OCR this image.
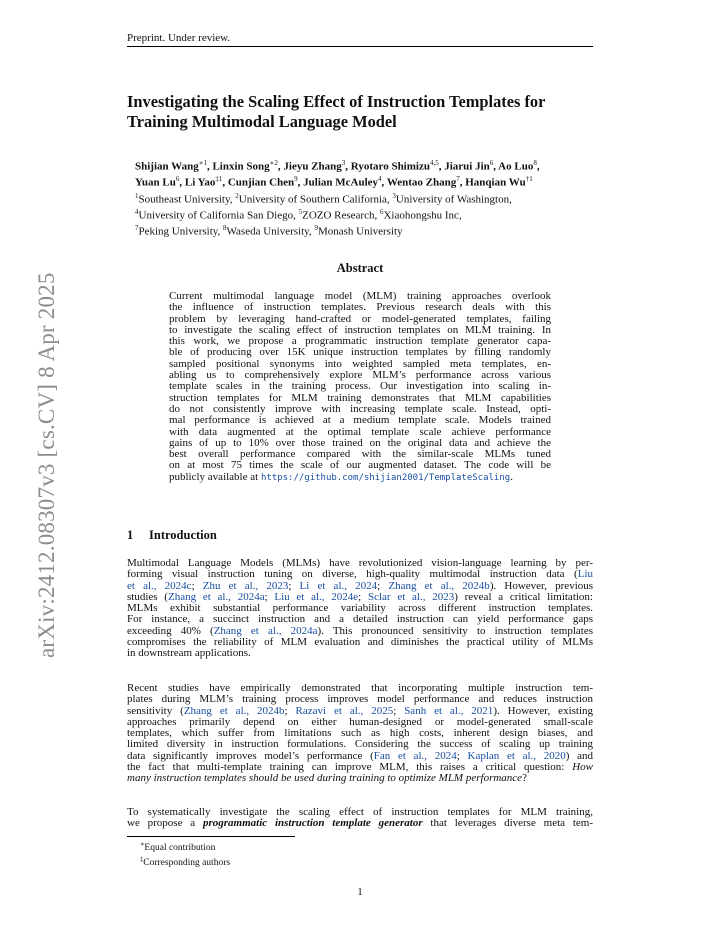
Preprint. Under review.
arXiv:2412.08307v3 [cs.CV] 8 Apr 2025
Investigating the Scaling Effect of Instruction Templates for
Training Multimodal Language Model
Shijian Wang$^{∗1}$, Linxin Song$^{∗2}$, Jieyu Zhang$^3$, Ryotaro Shimizu$^{4,5}$, Jiarui Jin$^6$, Ao Luo$^8$,
Yuan Lu$^6$, Li Yao$^{\ddagger 1}$, Cunjian Chen$^9$, Julian McAuley$^4$, Wentao Zhang$^7$, Hanqian Wu$^{\dagger 1}$
$^1$Southeast University, $^2$University of Southern California, $^3$University of Washington,
$^4$University of California San Diego, $^5$ZOZO Research, $^6$Xiaohongshu Inc,
$^7$Peking University, $^8$Waseda University, $^9$Monash University
Abstract
Current multimodal language model (MLM) training approaches overlook
the influence of instruction templates. Previous research deals with this
problem by leveraging hand-crafted or model-generated templates, failing
to investigate the scaling effect of instruction templates on MLM training. In
this work, we propose a programmatic instruction template generator capa-
ble of producing over 15K unique instruction templates by filling randomly
sampled positional synonyms into weighted sampled meta templates, en-
abling us to comprehensively explore MLM’s performance across various
template scales in the training process. Our investigation into scaling in-
struction templates for MLM training demonstrates that MLM capabilities
do not consistently improve with increasing template scale. Instead, opti-
mal performance is achieved at a medium template scale. Models trained
with data augmented at the optimal template scale achieve performance
gains of up to 10% over those trained on the original data and achieve the
best overall performance compared with the similar-scale MLMs tuned
on at most 75 times the scale of our augmented dataset. The code will be
publicly available at https://github.com/shijian2001/TemplateScaling.
1 Introduction
Multimodal Language Models (MLMs) have revolutionized vision-language learning by per-
forming visual instruction tuning on diverse, high-quality multimodal instruction data (Liu
et al., 2024c; Zhu et al., 2023; Li et al., 2024; Zhang et al., 2024b). However, previous
studies (Zhang et al., 2024a; Liu et al., 2024e; Sclar et al., 2023) reveal a critical limitation:
MLMs exhibit substantial performance variability across different instruction templates.
For instance, a succinct instruction and a detailed instruction can yield performance gaps
exceeding 40% (Zhang et al., 2024a). This pronounced sensitivity to instruction templates
compromises the reliability of MLM evaluation and diminishes the practical utility of MLMs
in downstream applications.
Recent studies have empirically demonstrated that incorporating multiple instruction tem-
plates during MLM’s training process improves model performance and reduces instruction
sensitivity (Zhang et al., 2024b; Razavi et al., 2025; Sanh et al., 2021). However, existing
approaches primarily depend on either human-designed or model-generated small-scale
templates, which suffer from limitations such as high costs, inherent design biases, and
limited diversity in instruction formulations. Considering the success of scaling up training
data significantly improves model’s performance (Fan et al., 2024; Kaplan et al., 2020) and
the fact that multi-template training can improve MLM, this raises a critical question: How
many instruction templates should be used during training to optimize MLM performance?
To systematically investigate the scaling effect of instruction templates for MLM training,
we propose a programmatic instruction template generator that leverages diverse meta tem-
∗Equal contribution
‡Corresponding authors
1
